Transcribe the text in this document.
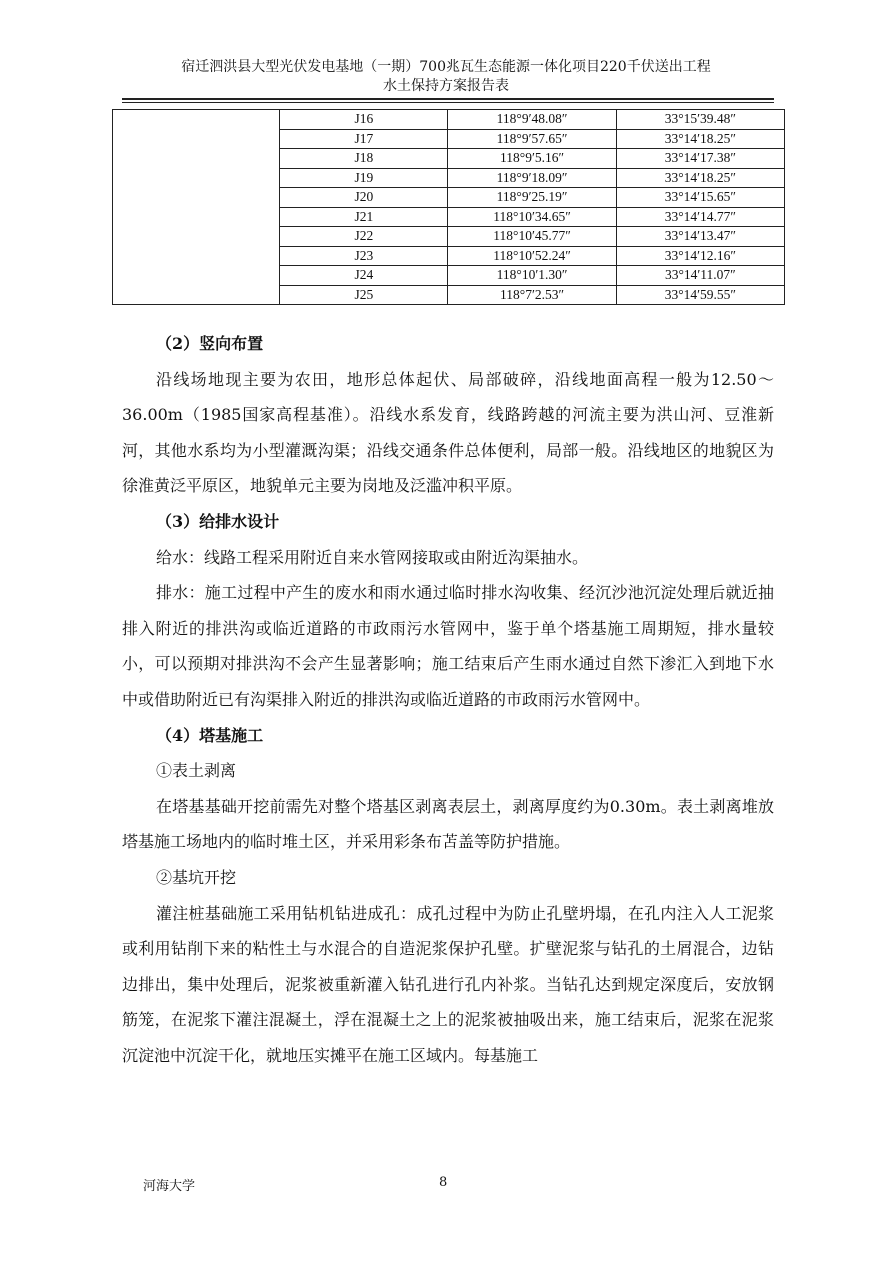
宿迁泗洪县大型光伏发电基地（一期）700兆瓦生态能源一体化项目220千伏送出工程
水土保持方案报告表
	J16	118°9′48.08″	33°15′39.48″
	J17	118°9′57.65″	33°14′18.25″
	J18	118°9′5.16″	33°14′17.38″
	J19	118°9′18.09″	33°14′18.25″
	J20	118°9′25.19″	33°14′15.65″
	J21	118°10′34.65″	33°14′14.77″
	J22	118°10′45.77″	33°14′13.47″
	J23	118°10′52.24″	33°14′12.16″
	J24	118°10′1.30″	33°14′11.07″
	J25	118°7′2.53″	33°14′59.55″

（2）竖向布置

沿线场地现主要为农田，地形总体起伏、局部破碎，沿线地面高程一般为12.50～36.00m（1985国家高程基准）。沿线水系发育，线路跨越的河流主要为洪山河、豆淮新河，其他水系均为小型灌溉沟渠；沿线交通条件总体便利，局部一般。沿线地区的地貌区为徐淮黄泛平原区，地貌单元主要为岗地及泛滥冲积平原。

（3）给排水设计

给水：线路工程采用附近自来水管网接取或由附近沟渠抽水。

排水：施工过程中产生的废水和雨水通过临时排水沟收集、经沉沙池沉淀处理后就近抽排入附近的排洪沟或临近道路的市政雨污水管网中，鉴于单个塔基施工周期短，排水量较小，可以预期对排洪沟不会产生显著影响；施工结束后产生雨水通过自然下渗汇入到地下水中或借助附近已有沟渠排入附近的排洪沟或临近道路的市政雨污水管网中。

（4）塔基施工

①表土剥离

在塔基基础开挖前需先对整个塔基区剥离表层土，剥离厚度约为0.30m。表土剥离堆放塔基施工场地内的临时堆土区，并采用彩条布苫盖等防护措施。

②基坑开挖

灌注桩基础施工采用钻机钻进成孔：成孔过程中为防止孔壁坍塌，在孔内注入人工泥浆或利用钻削下来的粘性土与水混合的自造泥浆保护孔壁。扩壁泥浆与钻孔的土屑混合，边钻边排出，集中处理后，泥浆被重新灌入钻孔进行孔内补浆。当钻孔达到规定深度后，安放钢筋笼，在泥浆下灌注混凝土，浮在混凝土之上的泥浆被抽吸出来，施工结束后，泥浆在泥浆沉淀池中沉淀干化，就地压实摊平在施工区域内。每基施工

河海大学	8
